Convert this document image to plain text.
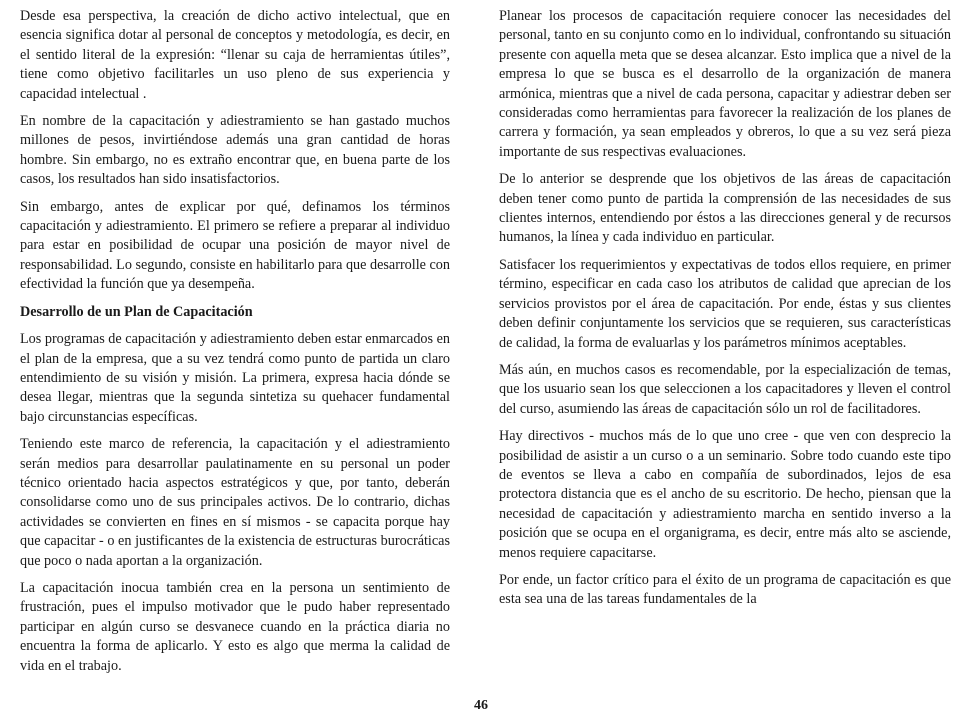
Desde esa perspectiva, la creación de dicho activo intelectual, que en esencia significa dotar al personal de conceptos y metodología, es decir, en el sentido literal de la expresión: “llenar su caja de herramientas útiles”, tiene como objetivo facilitarles un uso pleno de sus experiencia y capacidad intelectual .

En nombre de la capacitación y adiestramiento se han gastado muchos millones de pesos, invirtiéndose además una gran cantidad de horas hombre. Sin embargo, no es extraño encontrar que, en buena parte de los casos, los resultados han sido insatisfactorios.

Sin embargo, antes de explicar por qué, definamos los términos capacitación y adiestramiento. El primero se refiere a preparar al individuo para estar en posibilidad de ocupar una posición de mayor nivel de responsabilidad. Lo segundo, consiste en habilitarlo para que desarrolle con efectividad la función que ya desempeña.

Desarrollo de un Plan de Capacitación

Los programas de capacitación y adiestramiento deben estar enmarcados en el plan de la empresa, que a su vez tendrá como punto de partida un claro entendimiento de su visión y misión. La primera, expresa hacia dónde se desea llegar, mientras que la segunda sintetiza su quehacer fundamental bajo circunstancias específicas.

Teniendo este marco de referencia, la capacitación y el adiestramiento serán medios para desarrollar paulatinamente en su personal un poder técnico orientado hacia aspectos estratégicos y que, por tanto, deberán consolidarse como uno de sus principales activos. De lo contrario, dichas actividades se convierten en fines en sí mismos - se capacita porque hay que capacitar - o en justificantes de la existencia de estructuras burocráticas que poco o nada aportan a la organización.

La capacitación inocua también crea en la persona un sentimiento de frustración, pues el impulso motivador que le pudo haber representado participar en algún curso se desvanece cuando en la práctica diaria no encuentra la forma de aplicarlo. Y esto es algo que merma la calidad de vida en el trabajo.

Planear los procesos de capacitación requiere conocer las necesidades del personal, tanto en su conjunto como en lo individual, confrontando su situación presente con aquella meta que se desea alcanzar. Esto implica que a nivel de la empresa lo que se busca es el desarrollo de la organización de manera armónica, mientras que a nivel de cada persona, capacitar y adiestrar deben ser consideradas como herramientas para favorecer la realización de los planes de carrera y formación, ya sean empleados y obreros, lo que a su vez será pieza importante de sus respectivas evaluaciones.

De lo anterior se desprende que los objetivos de las áreas de capacitación deben tener como punto de partida la comprensión de las necesidades de sus clientes internos, entendiendo por éstos a las direcciones general y de recursos humanos, la línea y cada individuo en particular.

Satisfacer los requerimientos y expectativas de todos ellos requiere, en primer término, especificar en cada caso los atributos de calidad que aprecian de los servicios provistos por el área de capacitación. Por ende, éstas y sus clientes deben definir conjuntamente los servicios que se requieren, sus características de calidad, la forma de evaluarlas y los parámetros mínimos aceptables.

Más aún, en muchos casos es recomendable, por la especialización de temas, que los usuario sean los que seleccionen a los capacitadores y lleven el control del curso, asumiendo las áreas de capacitación sólo un rol de facilitadores.

Hay directivos - muchos más de lo que uno cree - que ven con desprecio la posibilidad de asistir a un curso o a un seminario. Sobre todo cuando este tipo de eventos se lleva a cabo en compañía de subordinados, lejos de esa protectora distancia que es el ancho de su escritorio. De hecho, piensan que la necesidad de capacitación y adiestramiento marcha en sentido inverso a la posición que se ocupa en el organigrama, es decir, entre más alto se asciende, menos requiere capacitarse.

Por ende, un factor crítico para el éxito de un programa de capacitación es que esta sea una de las tareas fundamentales de la

46
